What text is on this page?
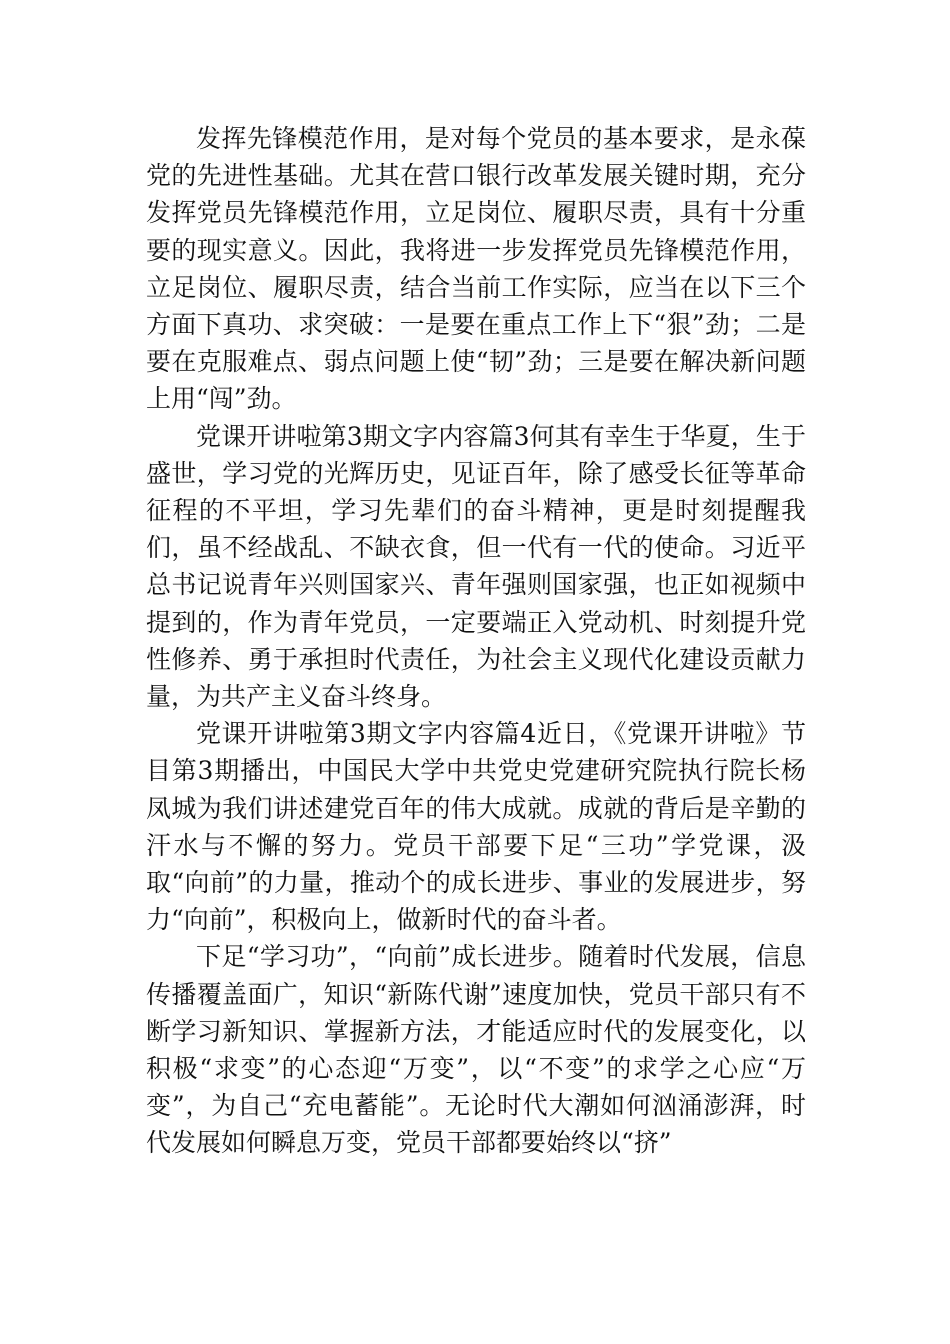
发挥先锋模范作用，是对每个党员的基本要求，是永葆党的先进性基础。尤其在营口银行改革发展关键时期，充分发挥党员先锋模范作用，立足岗位、履职尽责，具有十分重要的现实意义。因此，我将进一步发挥党员先锋模范作用，立足岗位、履职尽责，结合当前工作实际，应当在以下三个方面下真功、求突破：一是要在重点工作上下“狠”劲；二是要在克服难点、弱点问题上使“韧”劲；三是要在解决新问题上用“闯”劲。

党课开讲啦第3期文字内容篇3何其有幸生于华夏，生于盛世，学习党的光辉历史，见证百年，除了感受长征等革命征程的不平坦，学习先辈们的奋斗精神，更是时刻提醒我们，虽不经战乱、不缺衣食，但一代有一代的使命。习近平总书记说青年兴则国家兴、青年强则国家强，也正如视频中提到的，作为青年党员，一定要端正入党动机、时刻提升党性修养、勇于承担时代责任，为社会主义现代化建设贡献力量，为共产主义奋斗终身。

党课开讲啦第3期文字内容篇4近日，《党课开讲啦》节目第3期播出，中国民大学中共党史党建研究院执行院长杨凤城为我们讲述建党百年的伟大成就。成就的背后是辛勤的汗水与不懈的努力。党员干部要下足“三功”学党课，汲取“向前”的力量，推动个的成长进步、事业的发展进步，努力“向前”，积极向上，做新时代的奋斗者。

下足“学习功”，“向前”成长进步。随着时代发展，信息传播覆盖面广，知识“新陈代谢”速度加快，党员干部只有不断学习新知识、掌握新方法，才能适应时代的发展变化，以积极“求变”的心态迎“万变”，以“不变”的求学之心应“万变”，为自己“充电蓄能”。无论时代大潮如何汹涌澎湃，时代发展如何瞬息万变，党员干部都要始终以“挤”
